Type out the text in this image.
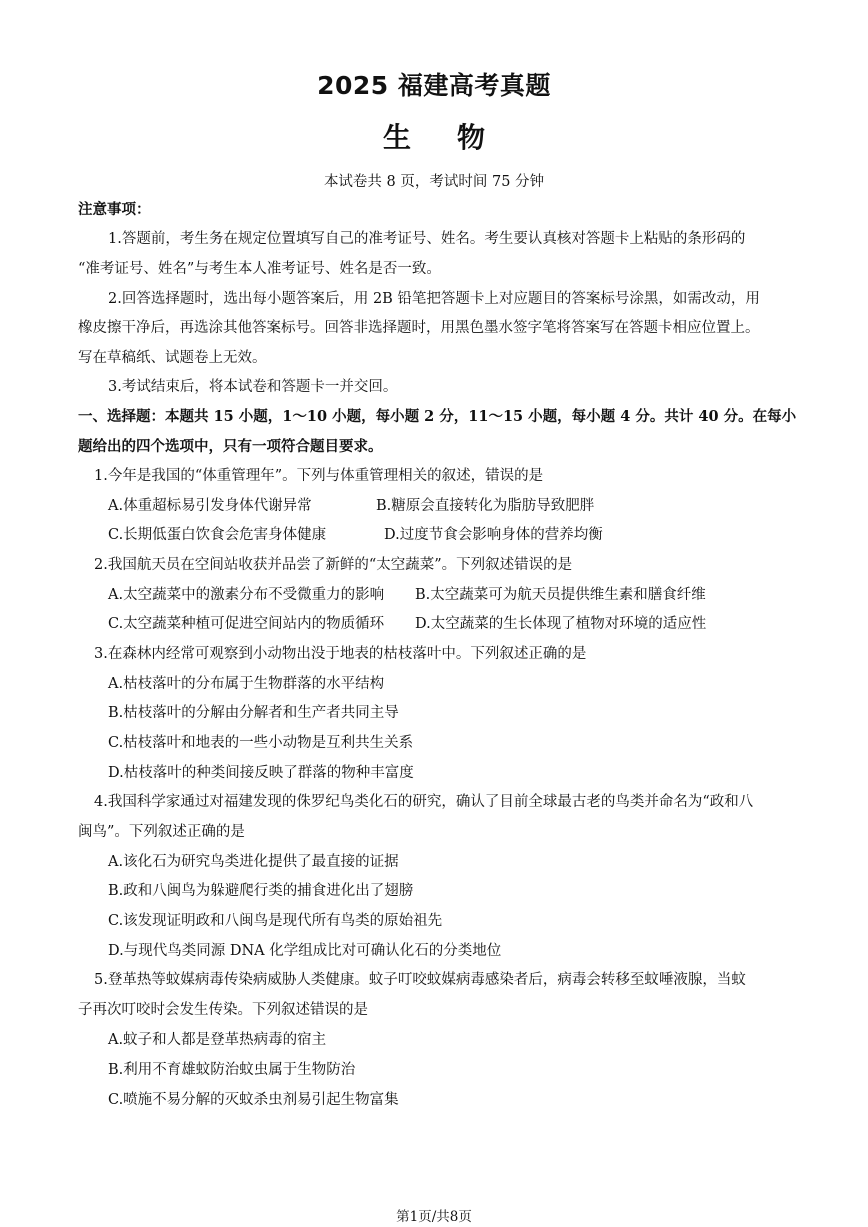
2025 福建高考真题
生物
本试卷共 8 页，考试时间 75 分钟
注意事项：
1.答题前，考生务在规定位置填写自己的准考证号、姓名。考生要认真核对答题卡上粘贴的条形码的
“准考证号、姓名”与考生本人准考证号、姓名是否一致。
2.回答选择题时，选出每小题答案后，用 2B 铅笔把答题卡上对应题目的答案标号涂黑，如需改动，用
橡皮擦干净后，再选涂其他答案标号。回答非选择题时，用黑色墨水签字笔将答案写在答题卡相应位置上。
写在草稿纸、试题卷上无效。
3.考试结束后，将本试卷和答题卡一并交回。
一、选择题：本题共 15 小题，1～10 小题，每小题 2 分，11～15 小题，每小题 4 分。共计 40 分。在每小
题给出的四个选项中，只有一项符合题目要求。
1.今年是我国的“体重管理年”。下列与体重管理相关的叙述，错误的是
A.体重超标易引发身体代谢异常	B.糖原会直接转化为脂肪导致肥胖
C.长期低蛋白饮食会危害身体健康	D.过度节食会影响身体的营养均衡
2.我国航天员在空间站收获并品尝了新鲜的“太空蔬菜”。下列叙述错误的是
A.太空蔬菜中的激素分布不受微重力的影响 B.太空蔬菜可为航天员提供维生素和膳食纤维
C.太空蔬菜种植可促进空间站内的物质循环 D.太空蔬菜的生长体现了植物对环境的适应性
3.在森林内经常可观察到小动物出没于地表的枯枝落叶中。下列叙述正确的是
A.枯枝落叶的分布属于生物群落的水平结构
B.枯枝落叶的分解由分解者和生产者共同主导
C.枯枝落叶和地表的一些小动物是互利共生关系
D.枯枝落叶的种类间接反映了群落的物种丰富度
4.我国科学家通过对福建发现的侏罗纪鸟类化石的研究，确认了目前全球最古老的鸟类并命名为“政和八
闽鸟”。下列叙述正确的是
A.该化石为研究鸟类进化提供了最直接的证据
B.政和八闽鸟为躲避爬行类的捕食进化出了翅膀
C.该发现证明政和八闽鸟是现代所有鸟类的原始祖先
D.与现代鸟类同源 DNA 化学组成比对可确认化石的分类地位
5.登革热等蚊媒病毒传染病威胁人类健康。蚊子叮咬蚊媒病毒感染者后，病毒会转移至蚊唾液腺，当蚊
子再次叮咬时会发生传染。下列叙述错误的是
A.蚊子和人都是登革热病毒的宿主
B.利用不育雄蚊防治蚊虫属于生物防治
C.喷施不易分解的灭蚊杀虫剂易引起生物富集
第1页/共8页
